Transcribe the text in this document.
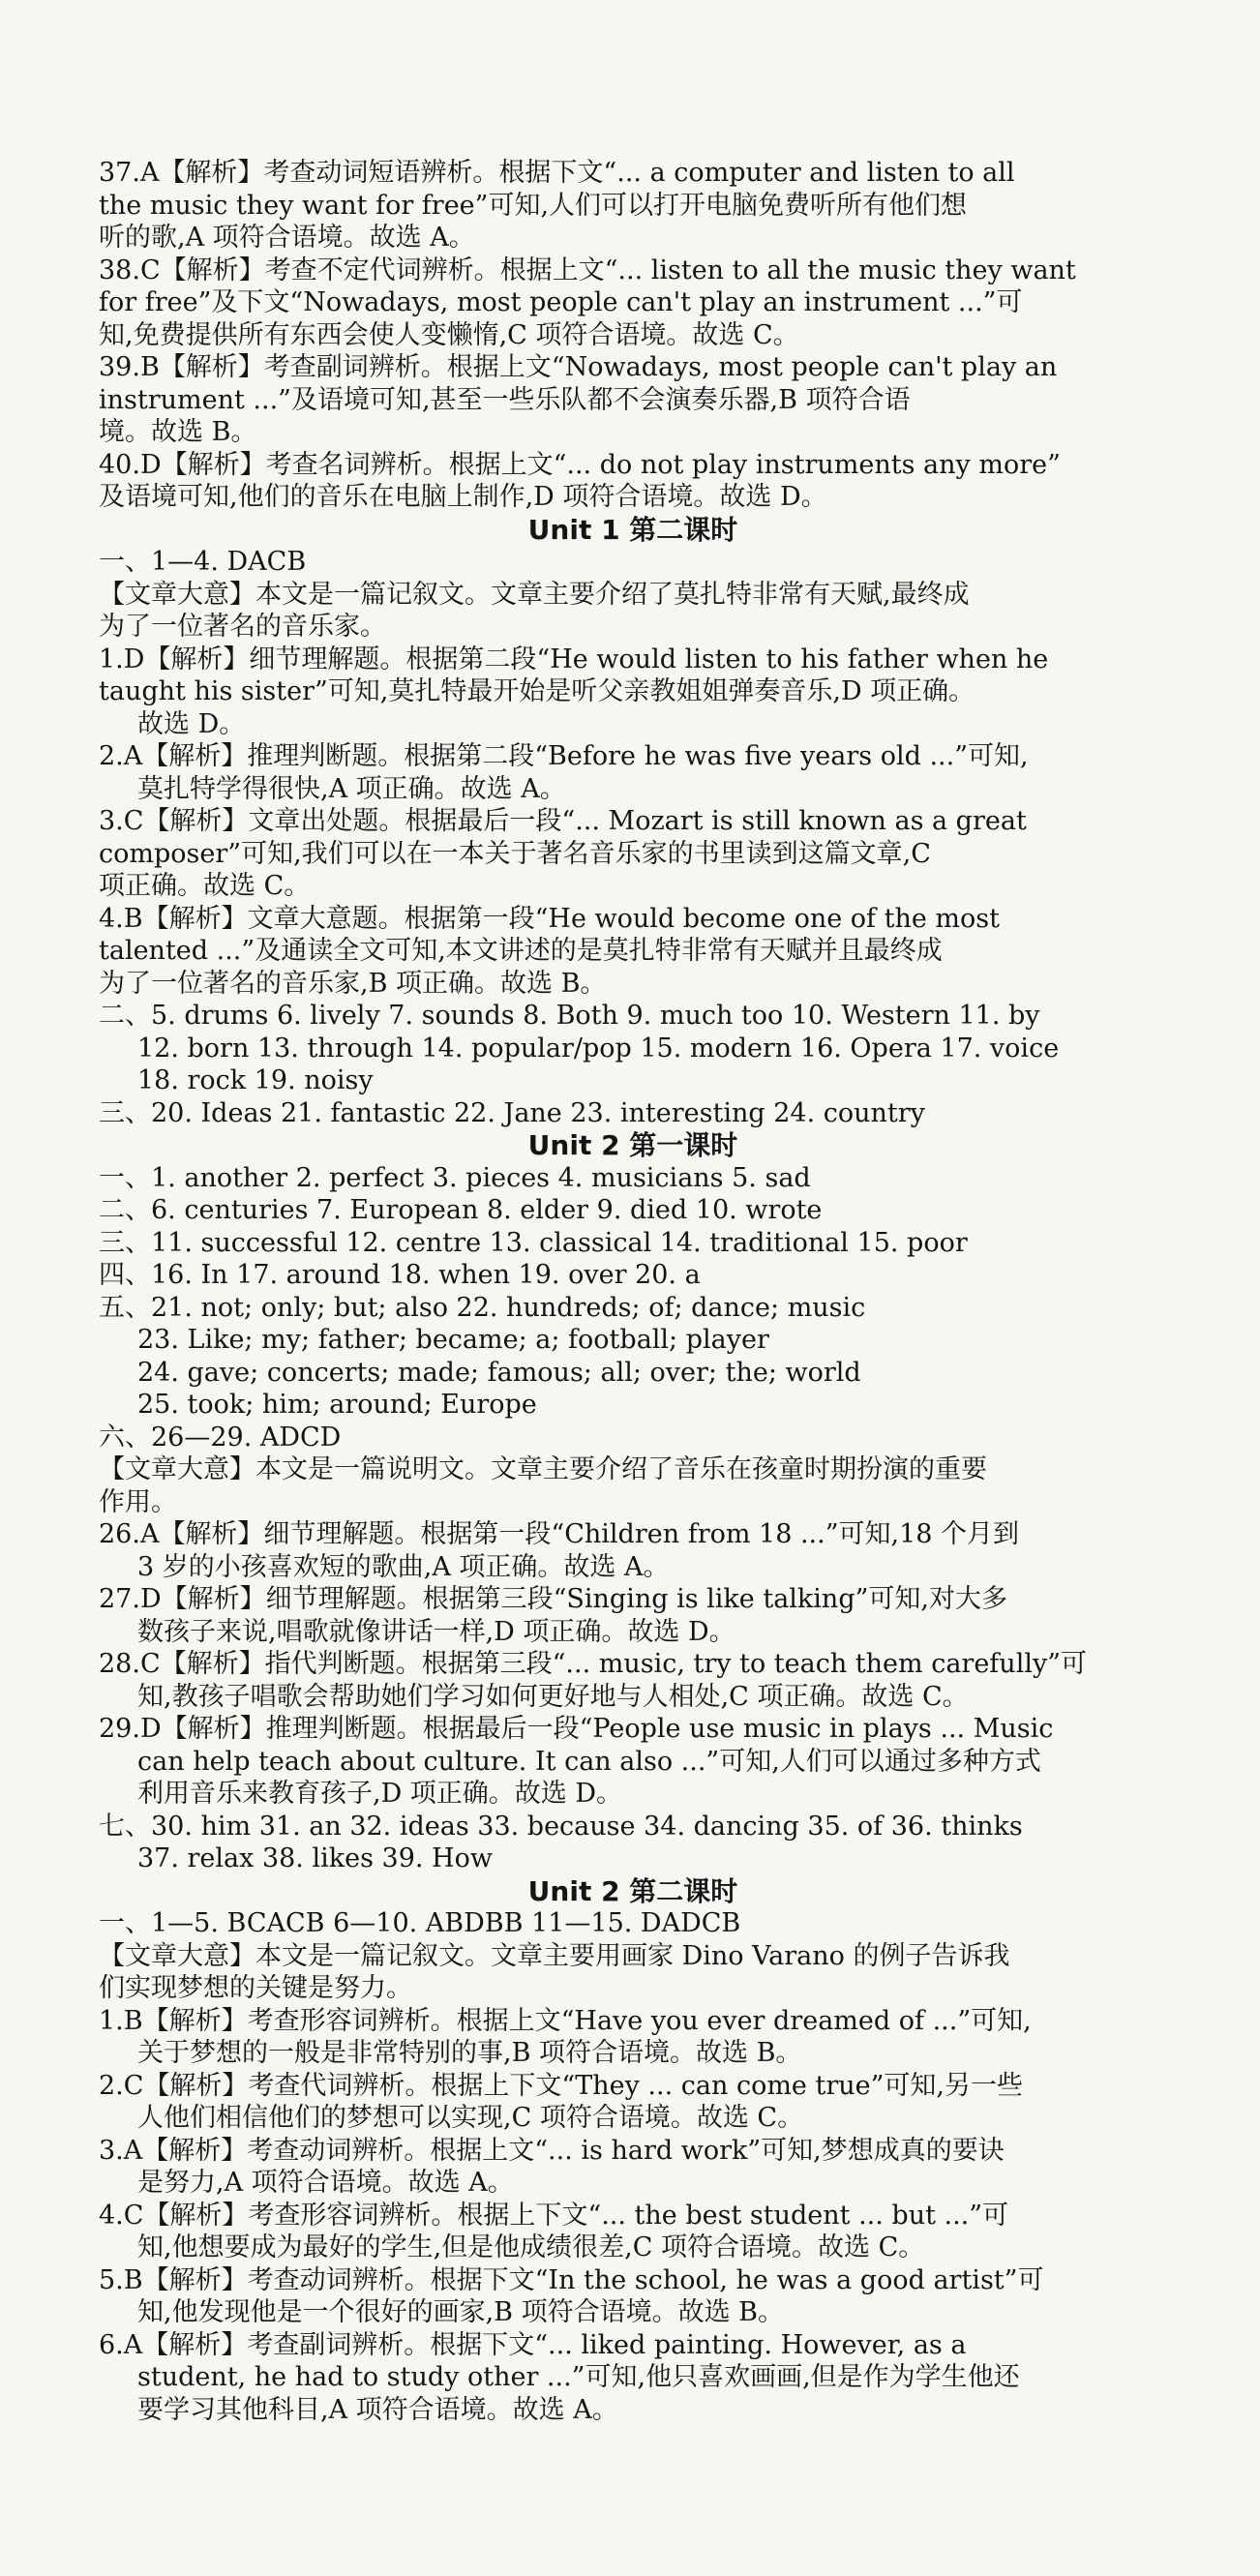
37.A【解析】考查动词短语辨析。根据下文“... a computer and listen to all
the music they want for free”可知,人们可以打开电脑免费听所有他们想
听的歌,A 项符合语境。故选 A。
38.C【解析】考查不定代词辨析。根据上文“... listen to all the music they want
for free”及下文“Nowadays, most people can't play an instrument ...”可
知,免费提供所有东西会使人变懒惰,C 项符合语境。故选 C。
39.B【解析】考查副词辨析。根据上文“Nowadays, most people can't play an
instrument ...”及语境可知,甚至一些乐队都不会演奏乐器,B 项符合语
境。故选 B。
40.D【解析】考查名词辨析。根据上文“... do not play instruments any more”
及语境可知,他们的音乐在电脑上制作,D 项符合语境。故选 D。
Unit 1 第二课时
一、1—4. DACB
【文章大意】本文是一篇记叙文。文章主要介绍了莫扎特非常有天赋,最终成
为了一位著名的音乐家。
1.D【解析】细节理解题。根据第二段“He would listen to his father when he
taught his sister”可知,莫扎特最开始是听父亲教姐姐弹奏音乐,D 项正确。
故选 D。
2.A【解析】推理判断题。根据第二段“Before he was five years old ...”可知,
莫扎特学得很快,A 项正确。故选 A。
3.C【解析】文章出处题。根据最后一段“... Mozart is still known as a great
composer”可知,我们可以在一本关于著名音乐家的书里读到这篇文章,C
项正确。故选 C。
4.B【解析】文章大意题。根据第一段“He would become one of the most
talented ...”及通读全文可知,本文讲述的是莫扎特非常有天赋并且最终成
为了一位著名的音乐家,B 项正确。故选 B。
二、5. drums 6. lively 7. sounds 8. Both 9. much too 10. Western 11. by
12. born 13. through 14. popular/pop 15. modern 16. Opera 17. voice
18. rock 19. noisy
三、20. Ideas 21. fantastic 22. Jane 23. interesting 24. country
Unit 2 第一课时
一、1. another 2. perfect 3. pieces 4. musicians 5. sad
二、6. centuries 7. European 8. elder 9. died 10. wrote
三、11. successful 12. centre 13. classical 14. traditional 15. poor
四、16. In 17. around 18. when 19. over 20. a
五、21. not; only; but; also 22. hundreds; of; dance; music
23. Like; my; father; became; a; football; player
24. gave; concerts; made; famous; all; over; the; world
25. took; him; around; Europe
六、26—29. ADCD
【文章大意】本文是一篇说明文。文章主要介绍了音乐在孩童时期扮演的重要
作用。
26.A【解析】细节理解题。根据第一段“Children from 18 ...”可知,18 个月到
3 岁的小孩喜欢短的歌曲,A 项正确。故选 A。
27.D【解析】细节理解题。根据第三段“Singing is like talking”可知,对大多
数孩子来说,唱歌就像讲话一样,D 项正确。故选 D。
28.C【解析】指代判断题。根据第三段“... music, try to teach them carefully”可
知,教孩子唱歌会帮助她们学习如何更好地与人相处,C 项正确。故选 C。
29.D【解析】推理判断题。根据最后一段“People use music in plays ... Music
can help teach about culture. It can also ...”可知,人们可以通过多种方式
利用音乐来教育孩子,D 项正确。故选 D。
七、30. him 31. an 32. ideas 33. because 34. dancing 35. of 36. thinks
37. relax 38. likes 39. How
Unit 2 第二课时
一、1—5. BCACB 6—10. ABDBB 11—15. DADCB
【文章大意】本文是一篇记叙文。文章主要用画家 Dino Varano 的例子告诉我
们实现梦想的关键是努力。
1.B【解析】考查形容词辨析。根据上文“Have you ever dreamed of ...”可知,
关于梦想的一般是非常特别的事,B 项符合语境。故选 B。
2.C【解析】考查代词辨析。根据上下文“They ... can come true”可知,另一些
人他们相信他们的梦想可以实现,C 项符合语境。故选 C。
3.A【解析】考查动词辨析。根据上文“... is hard work”可知,梦想成真的要诀
是努力,A 项符合语境。故选 A。
4.C【解析】考查形容词辨析。根据上下文“... the best student ... but ...”可
知,他想要成为最好的学生,但是他成绩很差,C 项符合语境。故选 C。
5.B【解析】考查动词辨析。根据下文“In the school, he was a good artist”可
知,他发现他是一个很好的画家,B 项符合语境。故选 B。
6.A【解析】考查副词辨析。根据下文“... liked painting. However, as a
student, he had to study other ...”可知,他只喜欢画画,但是作为学生他还
要学习其他科目,A 项符合语境。故选 A。
